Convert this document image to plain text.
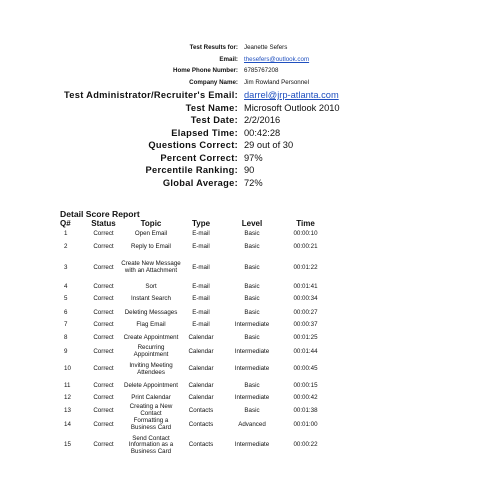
Test Results for: Jeanette Sefers
Email: thesefers@outlook.com
Home Phone Number: 6785767208
Company Name: Jim Rowland Personnel
Test Administrator/Recruiter's Email: darrel@jrp-atlanta.com
Test Name: Microsoft Outlook 2010
Test Date: 2/2/2016
Elapsed Time: 00:42:28
Questions Correct: 29 out of 30
Percent Correct: 97%
Percentile Ranking: 90
Global Average: 72%
Detail Score Report
Q#	Status	Topic	Type	Level	Time
1	Correct	Open Email	E-mail	Basic	00:00:10
2	Correct	Reply to Email	E-mail	Basic	00:00:21
3	Correct	Create New Message with an Attachment	E-mail	Basic	00:01:22
4	Correct	Sort	E-mail	Basic	00:01:41
5	Correct	Instant Search	E-mail	Basic	00:00:34
6	Correct	Deleting Messages	E-mail	Basic	00:00:27
7	Correct	Flag Email	E-mail	Intermediate	00:00:37
8	Correct	Create Appointment	Calendar	Basic	00:01:25
9	Correct	Recurring Appointment	Calendar	Intermediate	00:01:44
10	Correct	Inviting Meeting Attendees	Calendar	Intermediate	00:00:45
11	Correct	Delete Appointment	Calendar	Basic	00:00:15
12	Correct	Print Calendar	Calendar	Intermediate	00:00:42
13	Correct	Creating a New Contact	Contacts	Basic	00:01:38
14	Correct	Formatting a Business Card	Contacts	Advanced	00:01:00
15	Correct	Send Contact Information as a Business Card	Contacts	Intermediate	00:00:22
